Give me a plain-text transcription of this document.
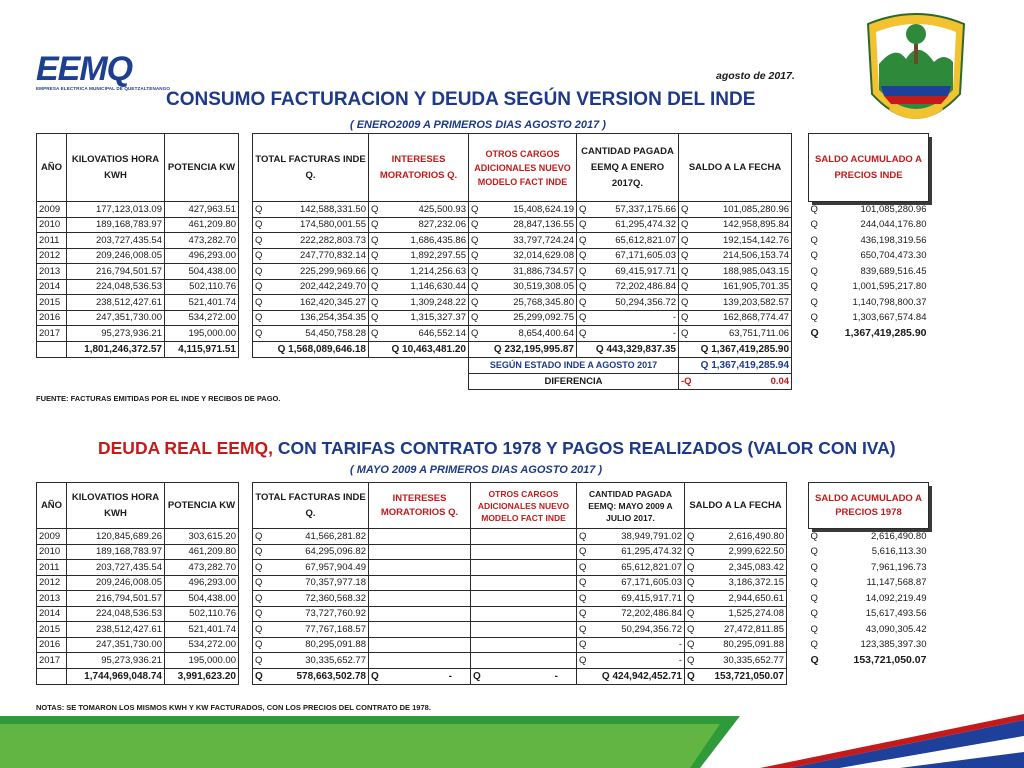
EEMQ
EMPRESA ELECTRICA MUNICIPAL DE QUETZALTENANGO
agosto de 2017.
CONSUMO FACTURACION Y DEUDA SEGÚN VERSION DEL INDE
( ENERO2009 A PRIMEROS DIAS AGOSTO 2017 )
AÑO	KILOVATIOS HORA KWH	POTENCIA KW		TOTAL FACTURAS INDE Q.		INTERESES MORATORIOS Q.		OTROS CARGOS ADICIONALES NUEVO MODELO FACT INDE		CANTIDAD PAGADA EEMQ A ENERO 2017Q.		SALDO A LA FECHA	
2009	177,123,013.09	427,963.51		Q	142,588,331.50	Q	425,500.93	Q	15,408,624.19	Q	57,337,175.66	Q	101,085,280.96
2010	189,168,783.97	461,209.80		Q	174,580,001.55	Q	827,232.06	Q	28,847,136.55	Q	61,295,474.32	Q	142,958,895.84
2011	203,727,435.54	473,282.70		Q	222,282,803.73	Q	1,686,435.86	Q	33,797,724.24	Q	65,612,821.07	Q	192,154,142.76
2012	209,246,008.05	496,293.00		Q	247,770,832.14	Q	1,892,297.55	Q	32,014,629.08	Q	67,171,605.03	Q	214,506,153.74
2013	216,794,501.57	504,438.00		Q	225,299,969.66	Q	1,214,256.63	Q	31,886,734.57	Q	69,415,917.71	Q	188,985,043.15
2014	224,048,536.53	502,110.76		Q	202,442,249.70	Q	1,146,630.44	Q	30,519,308.05	Q	72,202,486.84	Q	161,905,701.35
2015	238,512,427.61	521,401.74		Q	162,420,345.27	Q	1,309,248.22	Q	25,768,345.80	Q	50,294,356.72	Q	139,203,582.57
2016	247,351,730.00	534,272.00		Q	136,254,354.35	Q	1,315,327.37	Q	25,299,092.75	Q	-	Q	162,868,774.47
2017	95,273,936.21	195,000.00		Q	54,450,758.28	Q	646,552.14	Q	8,654,400.64	Q	-	Q	63,751,711.06
	1,801,246,372.57	4,115,971.51		Q 1,568,089,646.18		Q 10,463,481.20		Q 232,195,995.87		Q 443,329,837.35		Q 1,367,419,285.90	
								SEGÚN ESTADO INDE A AGOSTO 2017				Q 1,367,419,285.94	
								DIFERENCIA				-Q	0.04
SALDO ACUMULADO A PRECIOS INDE	
Q	101,085,280.96
Q	244,044,176.80
Q	436,198,319.56
Q	650,704,473.30
Q	839,689,516.45
Q	1,001,595,217.80
Q	1,140,798,800.37
Q	1,303,667,574.84
Q	1,367,419,285.90
FUENTE: FACTURAS EMITIDAS POR EL INDE Y RECIBOS DE PAGO.
DEUDA REAL EEMQ, CON TARIFAS CONTRATO 1978 Y PAGOS REALIZADOS (VALOR CON IVA)
( MAYO 2009 A PRIMEROS DIAS AGOSTO 2017 )
AÑO	KILOVATIOS HORA KWH	POTENCIA KW		TOTAL FACTURAS INDE Q.		INTERESES MORATORIOS Q.	OTROS CARGOS ADICIONALES NUEVO MODELO FACT INDE	CANTIDAD PAGADA EEMQ: MAYO 2009 A JULIO 2017.		SALDO A LA FECHA	
2009	120,845,689.26	303,615.20		Q	41,566,281.82			Q	38,949,791.02	Q	2,616,490.80
2010	189,168,783.97	461,209.80		Q	64,295,096.82			Q	61,295,474.32	Q	2,999,622.50
2011	203,727,435.54	473,282.70		Q	67,957,904.49			Q	65,612,821.07	Q	2,345,083.42
2012	209,246,008.05	496,293.00		Q	70,357,977.18			Q	67,171,605.03	Q	3,186,372.15
2013	216,794,501.57	504,438.00		Q	72,360,568.32			Q	69,415,917.71	Q	2,944,650.61
2014	224,048,536.53	502,110.76		Q	73,727,760.92			Q	72,202,486.84	Q	1,525,274.08
2015	238,512,427.61	521,401.74		Q	77,767,168.57			Q	50,294,356.72	Q	27,472,811.85
2016	247,351,730.00	534,272.00		Q	80,295,091.88			Q	-	Q	80,295,091.88
2017	95,273,936.21	195,000.00		Q	30,335,652.77			Q	-	Q	30,335,652.77
	1,744,969,048.74	3,991,623.20		Q	578,663,502.78	Q -	Q -	Q 424,942,452.71		Q	153,721,050.07
SALDO ACUMULADO A PRECIOS 1978	
Q	2,616,490.80
Q	5,616,113.30
Q	7,961,196.73
Q	11,147,568.87
Q	14,092,219.49
Q	15,617,493.56
Q	43,090,305.42
Q	123,385,397.30
Q	153,721,050.07
NOTAS: SE TOMARON LOS MISMOS KWH Y KW FACTURADOS, CON LOS PRECIOS DEL CONTRATO DE 1978.
